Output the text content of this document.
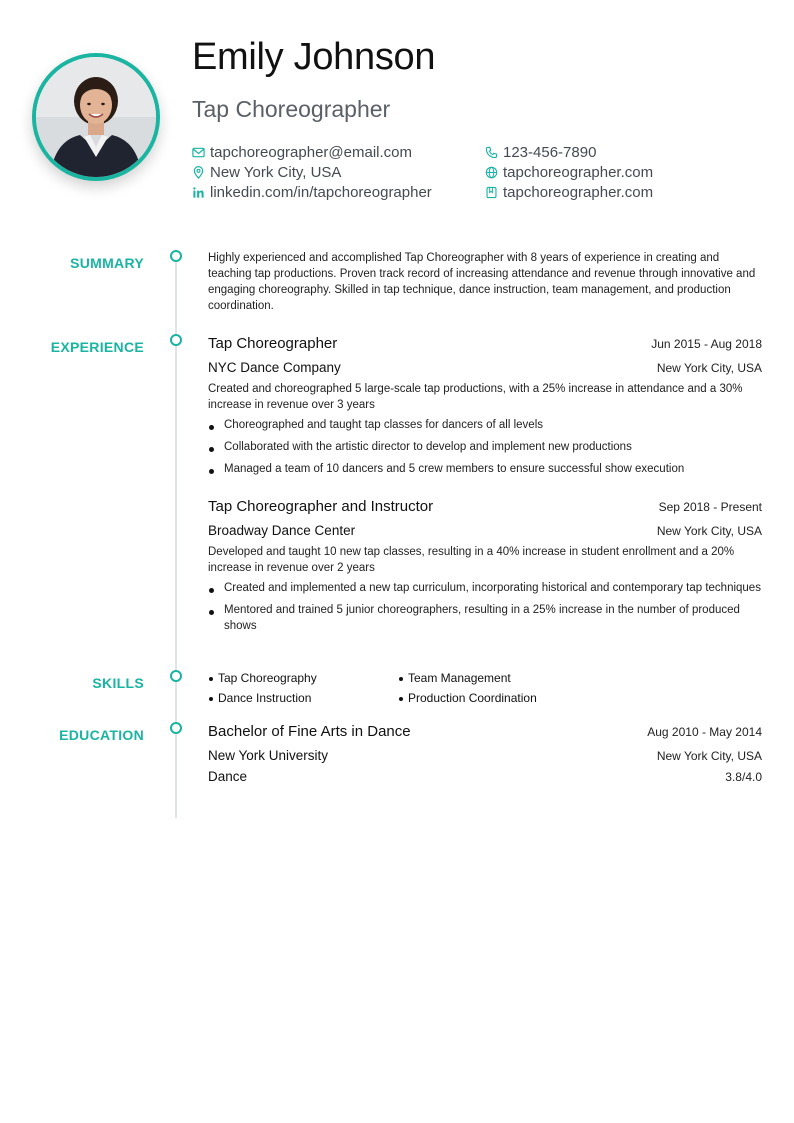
Emily Johnson
Tap Choreographer
tapchoreographer@email.com
New York City, USA
linkedin.com/in/tapchoreographer
123-456-7890
tapchoreographer.com
tapchoreographer.com
SUMMARY	Highly experienced and accomplished Tap Choreographer with 8 years of experience in creating and teaching tap productions. Proven track record of increasing attendance and revenue through innovative and engaging choreography. Skilled in tap technique, dance instruction, team management, and production coordination.
EXPERIENCE	Tap Choreographer	Jun 2015 - Aug 2018
NYC Dance Company	New York City, USA
Created and choreographed 5 large-scale tap productions, with a 25% increase in attendance and a 30% increase in revenue over 3 years
Choreographed and taught tap classes for dancers of all levels
Collaborated with the artistic director to develop and implement new productions
Managed a team of 10 dancers and 5 crew members to ensure successful show execution
Tap Choreographer and Instructor	Sep 2018 - Present
Broadway Dance Center	New York City, USA
Developed and taught 10 new tap classes, resulting in a 40% increase in student enrollment and a 20% increase in revenue over 2 years
Created and implemented a new tap curriculum, incorporating historical and contemporary tap techniques
Mentored and trained 5 junior choreographers, resulting in a 25% increase in the number of produced shows
SKILLS	Tap Choreography	Team Management
Dance Instruction	Production Coordination
EDUCATION	Bachelor of Fine Arts in Dance	Aug 2010 - May 2014
New York University	New York City, USA
Dance	3.8/4.0
